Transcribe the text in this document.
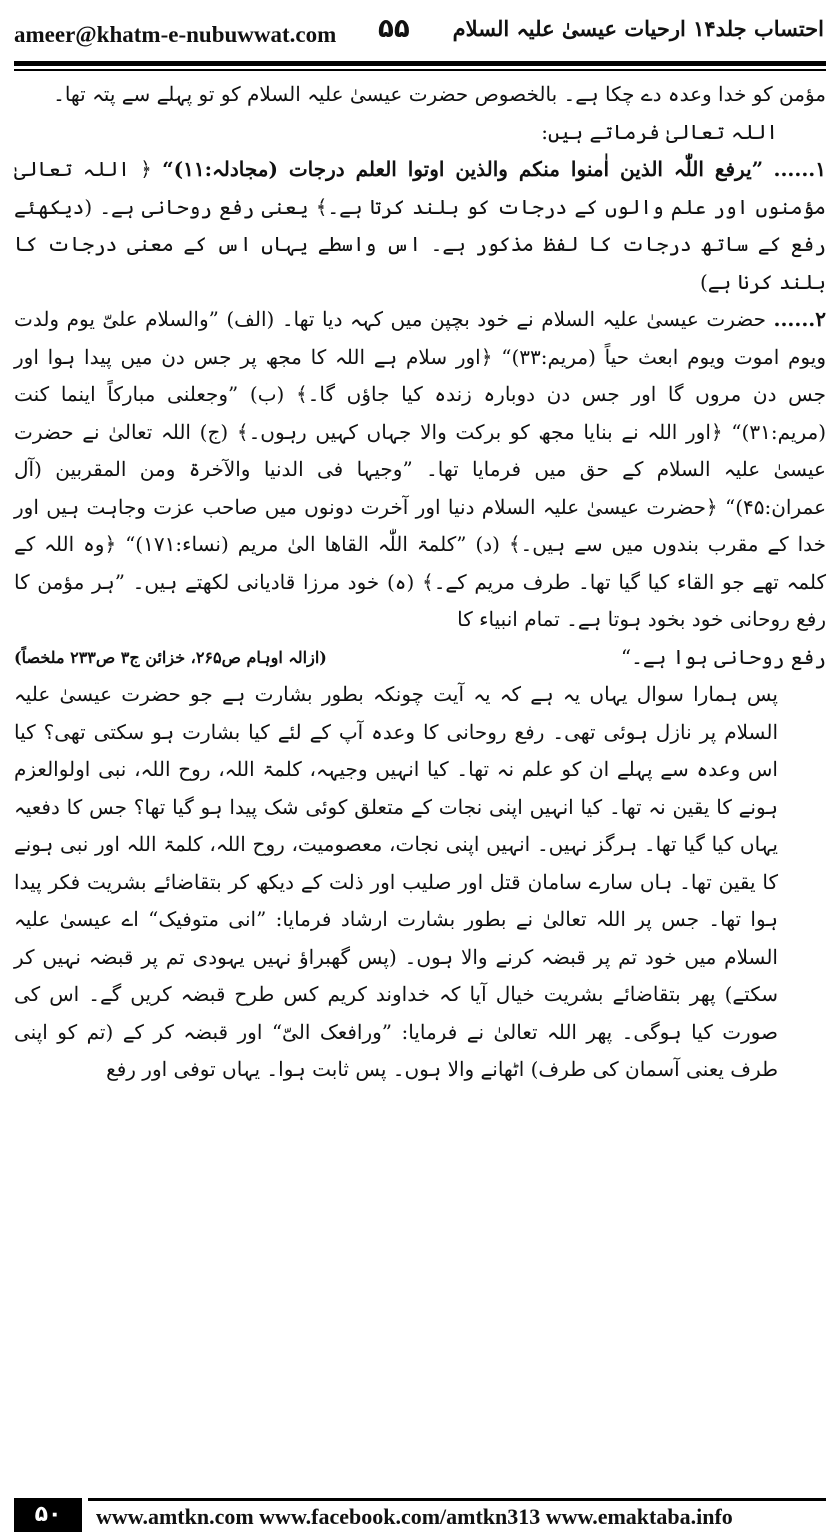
ameer@khatm-e-nubuwwat.com ۵۵ احتساب جلد۱۴ ارحیات عیسیٰ علیہ السلام

مؤمن کو خدا وعدہ دے چکا ہے۔ بالخصوص حضرت عیسیٰ علیہ السلام کو تو پہلے سے پتہ تھا۔

اللہ تعالیٰ فرماتے ہیں:

۱...... ”یرفع اللّٰہ الذین اٰمنوا منکم والذین اوتوا العلم درجات (مجادلہ:۱۱)“ ﴿ اللہ تعالیٰ مؤمنوں اور علم والوں کے درجات کو بلند کرتا ہے۔﴾ یعنی رفع روحانی ہے۔ (دیکھئے رفع کے ساتھ درجات کا لفظ مذکور ہے۔ اس واسطے یہاں اس کے معنی درجات کا بلند کرنا ہے)

۲...... حضرت عیسیٰ علیہ السلام نے خود بچپن میں کہہ دیا تھا۔ (الف) ”والسلام علیّ یوم ولدت ویوم اموت ویوم ابعث حیاً (مریم:۳۳)“ ﴿اور سلام ہے اللہ کا مجھ پر جس دن میں پیدا ہوا اور جس دن مروں گا اور جس دن دوبارہ زندہ کیا جاؤں گا۔﴾ (ب) ”وجعلنی مبارکاً اینما کنت (مریم:۳۱)“ ﴿اور اللہ نے بنایا مجھ کو برکت والا جہاں کہیں رہوں۔﴾ (ج) اللہ تعالیٰ نے حضرت عیسیٰ علیہ السلام کے حق میں فرمایا تھا۔ ”وجیہا فی الدنیا والآخرۃ ومن المقربین (آل عمران:۴۵)“ ﴿حضرت عیسیٰ علیہ السلام دنیا اور آخرت دونوں میں صاحب عزت وجاہت ہیں اور خدا کے مقرب بندوں میں سے ہیں۔﴾ (د) ”کلمۃ اللّٰہ القاھا الیٰ مریم (نساء:۱۷۱)“ ﴿وہ اللہ کے کلمہ تھے جو القاء کیا گیا تھا۔ طرف مریم کے۔﴾ (ہ) خود مرزا قادیانی لکھتے ہیں۔ ”ہر مؤمن کا رفع روحانی خود بخود ہوتا ہے۔ تمام انبیاء کا

رفع روحانی ہوا ہے۔“
(ازالہ اوہام ص۲۶۵، خزائن ج۳ ص۲۳۳ ملخصاً)

پس ہمارا سوال یہاں یہ ہے کہ یہ آیت چونکہ بطور بشارت ہے جو حضرت عیسیٰ علیہ السلام پر نازل ہوئی تھی۔ رفع روحانی کا وعدہ آپ کے لئے کیا بشارت ہو سکتی تھی؟ کیا اس وعدہ سے پہلے ان کو علم نہ تھا۔ کیا انہیں وجیہہ، کلمۃ اللہ، روح اللہ، نبی اولوالعزم ہونے کا یقین نہ تھا۔ کیا انہیں اپنی نجات کے متعلق کوئی شک پیدا ہو گیا تھا؟ جس کا دفعیہ یہاں کیا گیا تھا۔ ہرگز نہیں۔ انہیں اپنی نجات، معصومیت، روح اللہ، کلمۃ اللہ اور نبی ہونے کا یقین تھا۔ ہاں سارے سامان قتل اور صلیب اور ذلت کے دیکھ کر بتقاضائے بشریت فکر پیدا ہوا تھا۔ جس پر اللہ تعالیٰ نے بطور بشارت ارشاد فرمایا: ”انی متوفیک“ اے عیسیٰ علیہ السلام میں خود تم پر قبضہ کرنے والا ہوں۔ (پس گھبراؤ نہیں یہودی تم پر قبضہ نہیں کر سکتے) پھر بتقاضائے بشریت خیال آیا کہ خداوند کریم کس طرح قبضہ کریں گے۔ اس کی صورت کیا ہوگی۔ پھر اللہ تعالیٰ نے فرمایا: ”ورافعک الیّ“ اور قبضہ کر کے (تم کو اپنی طرف یعنی آسمان کی طرف) اٹھانے والا ہوں۔ پس ثابت ہوا۔ یہاں توفی اور رفع

۵۰	www.amtkn.com www.facebook.com/amtkn313 www.emaktaba.info
